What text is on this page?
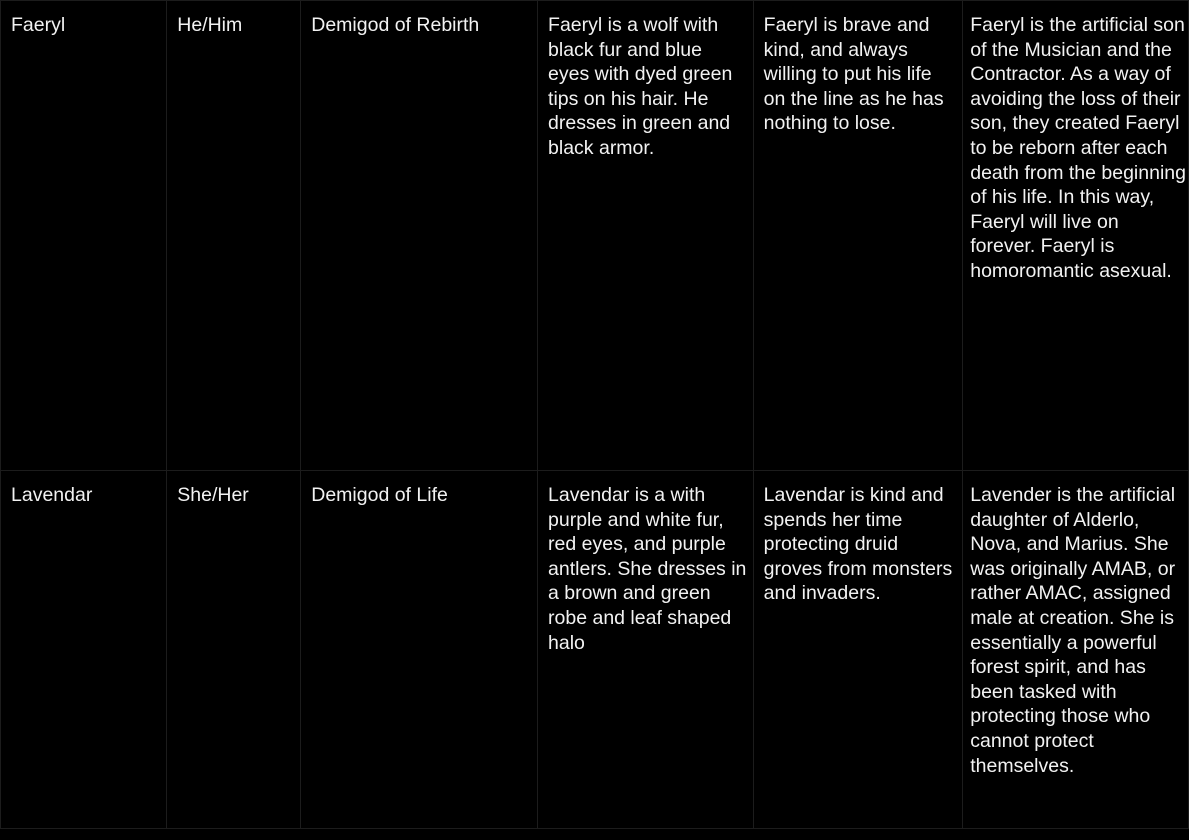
Faeryl	He/Him	Demigod of Rebirth	Faeryl is a wolf with black fur and blue eyes with dyed green tips on his hair. He dresses in green and black armor.	Faeryl is brave and kind, and always willing to put his life on the line as he has nothing to lose.	Faeryl is the artificial son of the Musician and the Contractor. As a way of avoiding the loss of their son, they created Faeryl to be reborn after each death from the beginning of his life. In this way, Faeryl will live on forever. Faeryl is homoromantic asexual.

Lavendar	She/Her	Demigod of Life	Lavendar is a with purple and white fur, red eyes, and purple antlers. She dresses in a brown and green robe and leaf shaped halo	Lavendar is kind and spends her time protecting druid groves from monsters and invaders.	Lavender is the artificial daughter of Alderlo, Nova, and Marius. She was originally AMAB, or rather AMAC, assigned male at creation. She is essentially a powerful forest spirit, and has been tasked with protecting those who cannot protect themselves.
